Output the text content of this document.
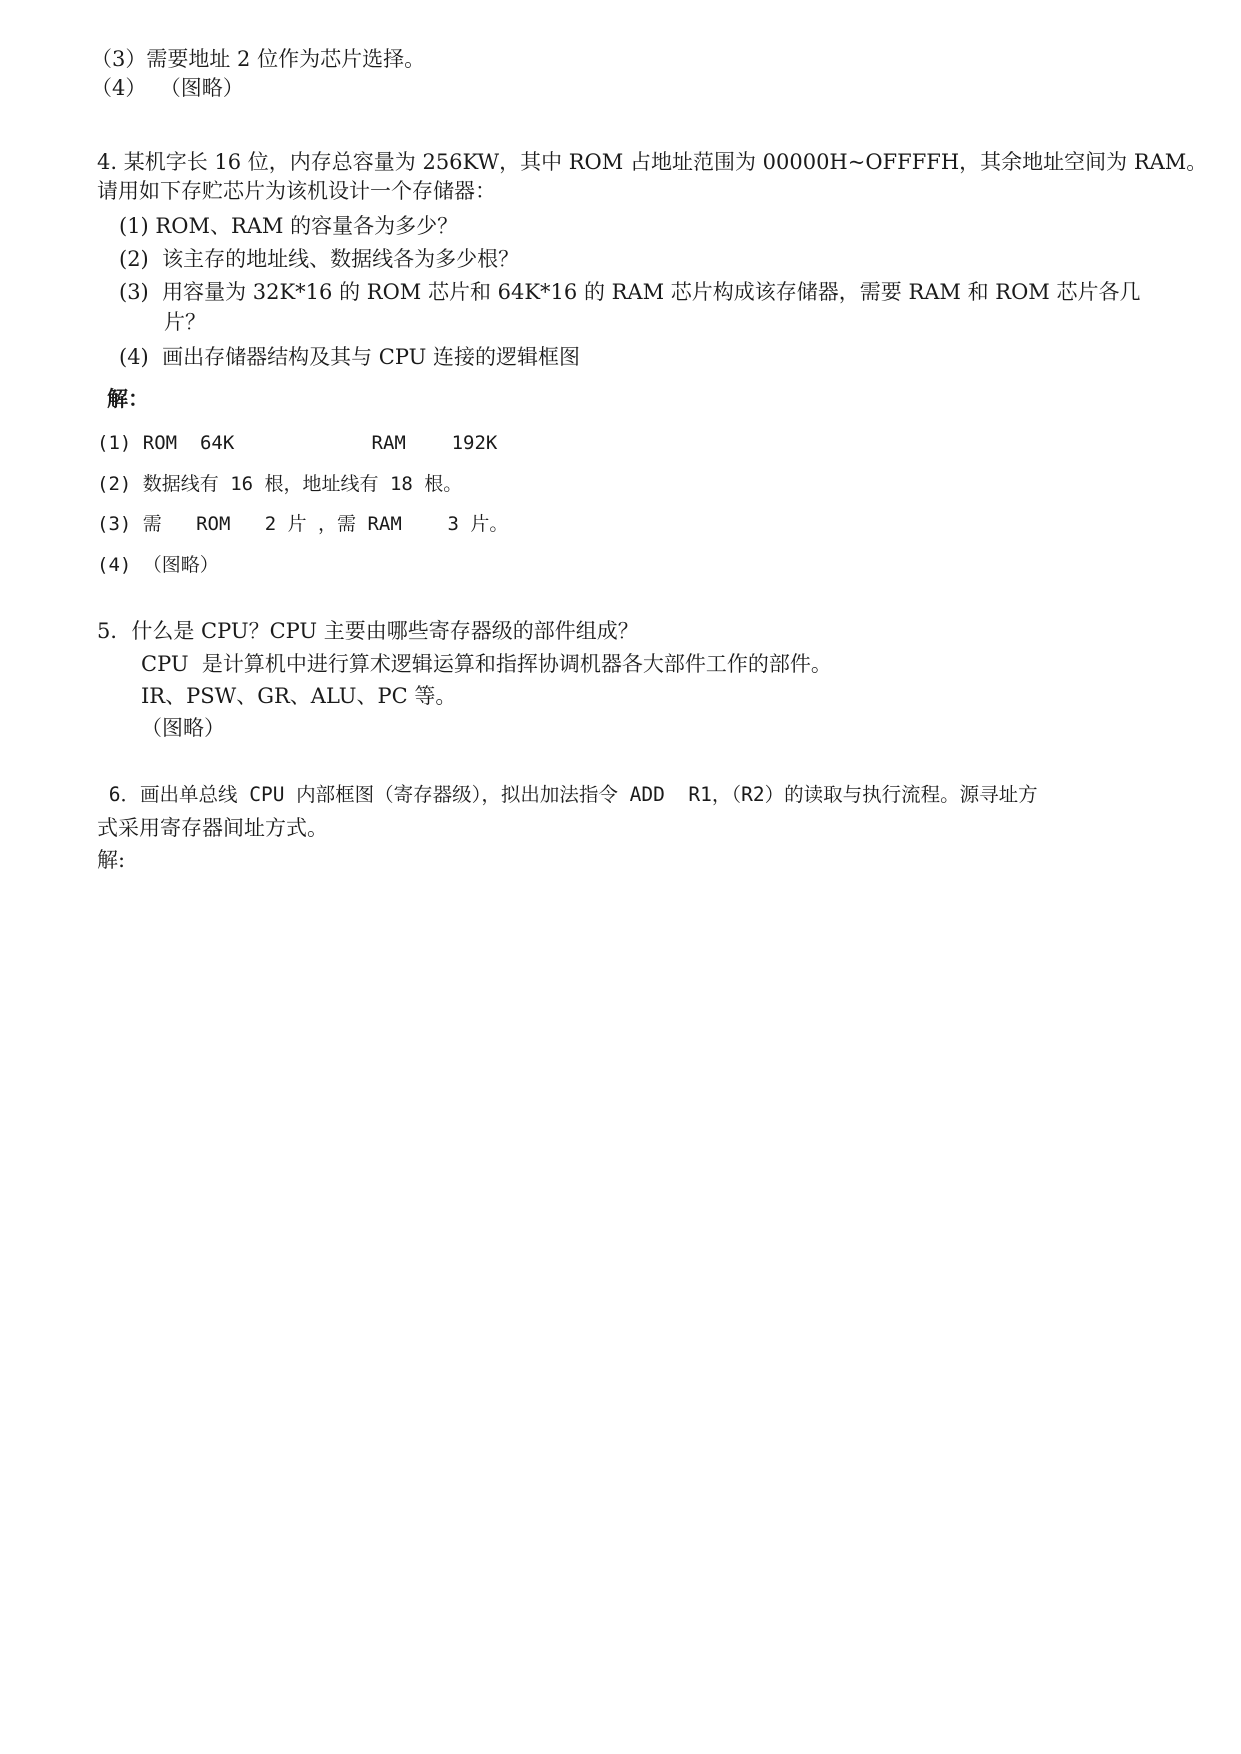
（3）需要地址 2 位作为芯片选择。
（4）  （图略）
4. 某机字长 16 位，内存总容量为 256KW，其中 ROM 占地址范围为 00000H~OFFFFH，其余地址空间为 RAM。
请用如下存贮芯片为该机设计一个存储器：
(1) ROM、RAM 的容量各为多少？
(2)  该主存的地址线、数据线各为多少根？
(3)  用容量为 32K*16 的 ROM 芯片和 64K*16 的 RAM 芯片构成该存储器，需要 RAM 和 ROM 芯片各几
片？
(4)  画出存储器结构及其与 CPU 连接的逻辑框图
解：
(1) ROM  64K            RAM    192K
(2) 数据线有 16 根，地址线有 18 根。
(3) 需   ROM   2 片 ，需 RAM    3 片。
(4) （图略）
5．什么是 CPU？CPU 主要由哪些寄存器级的部件组成？
CPU  是计算机中进行算术逻辑运算和指挥协调机器各大部件工作的部件。
IR、PSW、GR、ALU、PC 等。
（图略）
6．画出单总线 CPU 内部框图（寄存器级），拟出加法指令 ADD  R1，（R2）的读取与执行流程。源寻址方
式采用寄存器间址方式。
解:
